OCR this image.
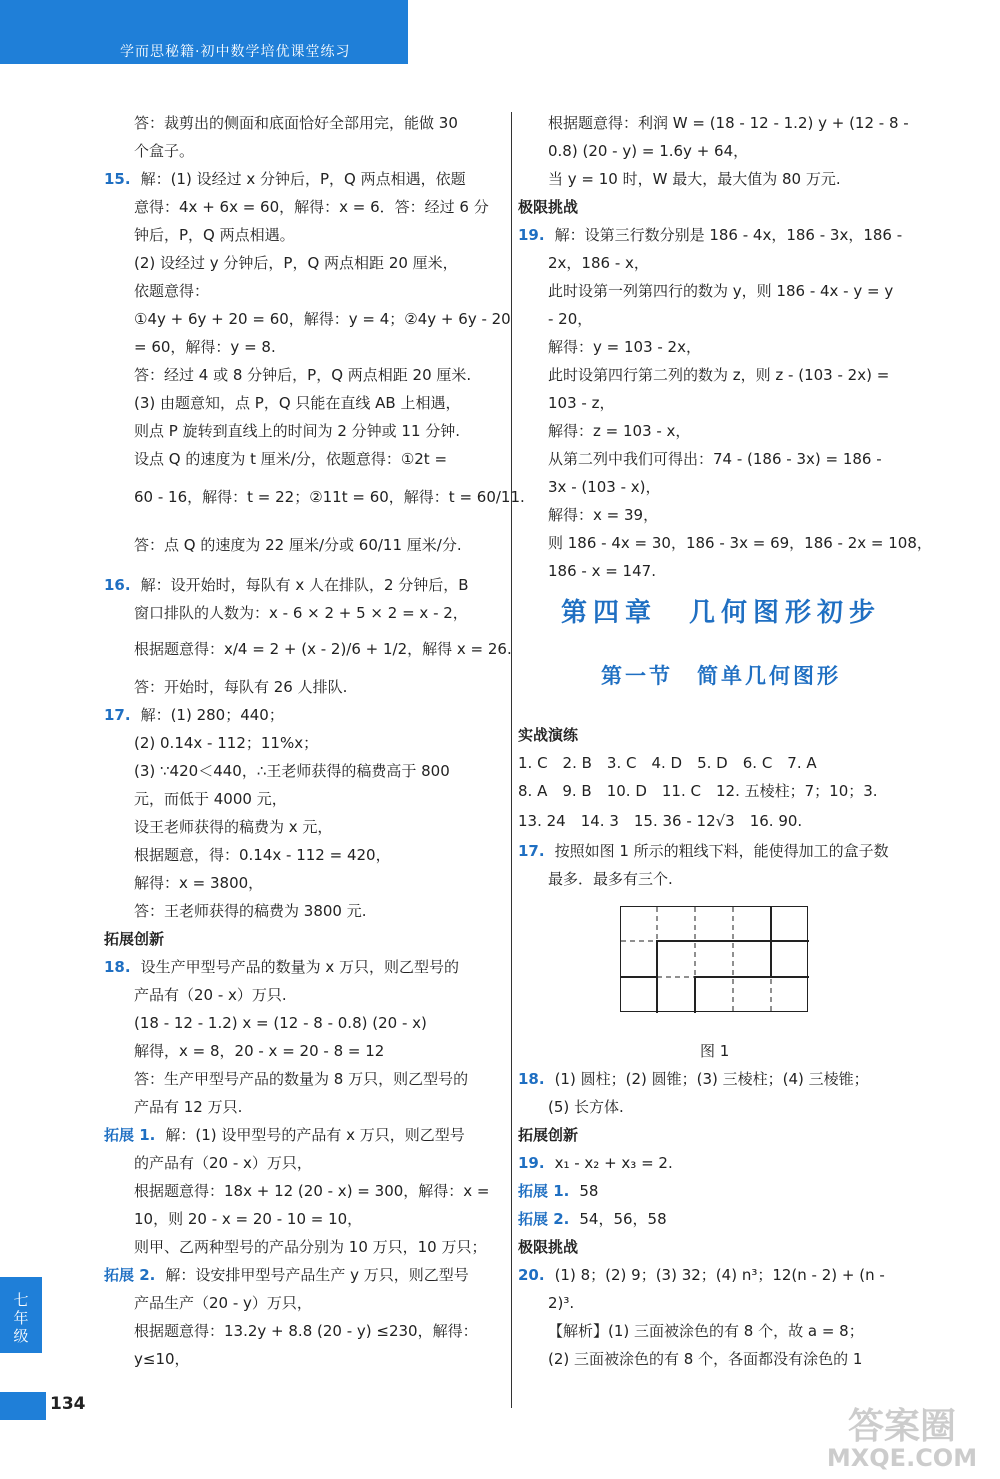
学而思秘籍·初中数学培优课堂练习
答：裁剪出的侧面和底面恰好全部用完，能做 30
个盒子。
15. 解：(1) 设经过 x 分钟后，P，Q 两点相遇，依题
意得：4x + 6x = 60，解得：x = 6．答：经过 6 分
钟后，P，Q 两点相遇。
(2) 设经过 y 分钟后，P，Q 两点相距 20 厘米，
依题意得：
①4y + 6y + 20 = 60，解得：y = 4；②4y + 6y - 20
= 60，解得：y = 8.
答：经过 4 或 8 分钟后，P，Q 两点相距 20 厘米.
(3) 由题意知，点 P，Q 只能在直线 AB 上相遇，
则点 P 旋转到直线上的时间为 2 分钟或 11 分钟.
设点 Q 的速度为 t 厘米/分，依题意得：①2t =
60 - 16，解得：t = 22；②11t = 60，解得：t = 60/11.
答：点 Q 的速度为 22 厘米/分或 60/11 厘米/分.
16. 解：设开始时，每队有 x 人在排队，2 分钟后，B
窗口排队的人数为：x - 6 × 2 + 5 × 2 = x - 2，
根据题意得：x/4 = 2 + (x - 2)/6 + 1/2，解得 x = 26.
答：开始时，每队有 26 人排队.
17. 解：(1) 280；440；
(2) 0.14x - 112；11%x；
(3) ∵420＜440，∴王老师获得的稿费高于 800
元，而低于 4000 元，
设王老师获得的稿费为 x 元，
根据题意，得：0.14x - 112 = 420，
解得：x = 3800，
答：王老师获得的稿费为 3800 元.
拓展创新
18. 设生产甲型号产品的数量为 x 万只，则乙型号的
产品有（20 - x）万只.
(18 - 12 - 1.2) x = (12 - 8 - 0.8) (20 - x)
解得，x = 8，20 - x = 20 - 8 = 12
答：生产甲型号产品的数量为 8 万只，则乙型号的
产品有 12 万只.
拓展 1. 解：(1) 设甲型号的产品有 x 万只，则乙型号
的产品有（20 - x）万只，
根据题意得：18x + 12 (20 - x) = 300，解得：x =
10，则 20 - x = 20 - 10 = 10，
则甲、乙两种型号的产品分别为 10 万只，10 万只；
拓展 2. 解：设安排甲型号产品生产 y 万只，则乙型号
产品生产（20 - y）万只，
根据题意得：13.2y + 8.8 (20 - y) ≤230，解得：
y≤10，
根据题意得：利润 W = (18 - 12 - 1.2) y + (12 - 8 -
0.8) (20 - y) = 1.6y + 64，
当 y = 10 时，W 最大，最大值为 80 万元.
极限挑战
19. 解：设第三行数分别是 186 - 4x，186 - 3x，186 -
2x，186 - x，
此时设第一列第四行的数为 y，则 186 - 4x - y = y
- 20，
解得：y = 103 - 2x，
此时设第四行第二列的数为 z，则 z - (103 - 2x) =
103 - z，
解得：z = 103 - x，
从第二列中我们可得出：74 - (186 - 3x) = 186 -
3x - (103 - x)，
解得：x = 39，
则 186 - 4x = 30，186 - 3x = 69，186 - 2x = 108，
186 - x = 147.
实战演练
1. C　2. B　3. C　4. D　5. D　6. C　7. A
8. A　9. B　10. D　11. C　12. 五棱柱；7；10；3.
13. 24　14. 3　15. 36 - 12√3　16. 90.
17. 按照如图 1 所示的粗线下料，能使得加工的盒子数
最多．最多有三个.
18. (1) 圆柱；(2) 圆锥；(3) 三棱柱；(4) 三棱锥；
(5) 长方体.
拓展创新
19. x₁ - x₂ + x₃ = 2.
拓展 1. 58
拓展 2. 54，56，58
极限挑战
20. (1) 8；(2) 9；(3) 32；(4) n³；12(n - 2) + (n -
2)³.
【解析】(1) 三面被涂色的有 8 个，故 a = 8；
(2) 三面被涂色的有 8 个，各面都没有涂色的 1
第四章　几何图形初步
第一节　简单几何图形
图 1
七年级
134
答案圈
MXQE.COM
